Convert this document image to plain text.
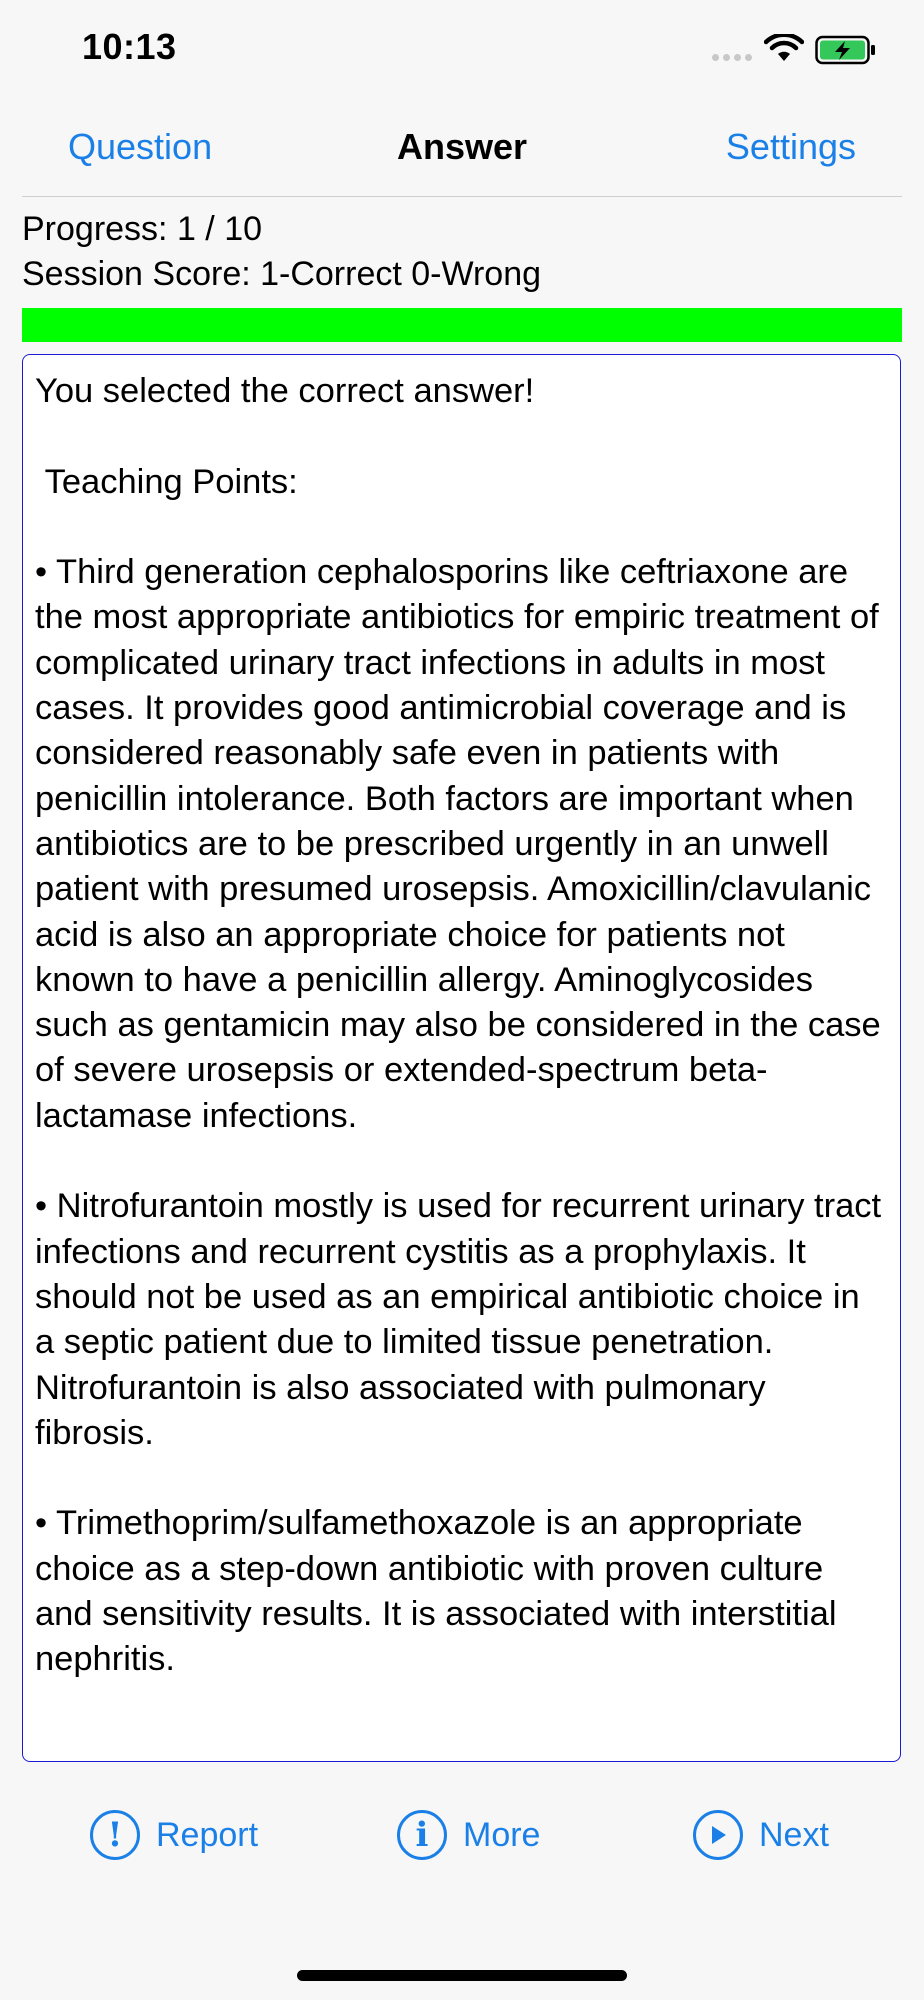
10:13
Question	Answer	Settings
Progress: 1 / 10
Session Score: 1-Correct 0-Wrong
You selected the correct answer!

Teaching Points:

• Third generation cephalosporins like ceftriaxone are the most appropriate antibiotics for empiric treatment of complicated urinary tract infections in adults in most cases. It provides good antimicrobial coverage and is considered reasonably safe even in patients with penicillin intolerance. Both factors are important when antibiotics are to be prescribed urgently in an unwell patient with presumed urosepsis. Amoxicillin/clavulanic acid is also an appropriate choice for patients not known to have a penicillin allergy. Aminoglycosides such as gentamicin may also be considered in the case of severe urosepsis or extended-spectrum beta-lactamase infections.

• Nitrofurantoin mostly is used for recurrent urinary tract infections and recurrent cystitis as a prophylaxis. It should not be used as an empirical antibiotic choice in a septic patient due to limited tissue penetration. Nitrofurantoin is also associated with pulmonary fibrosis.

• Trimethoprim/sulfamethoxazole is an appropriate choice as a step-down antibiotic with proven culture and sensitivity results. It is associated with interstitial nephritis.
! Report	i	More	Next
